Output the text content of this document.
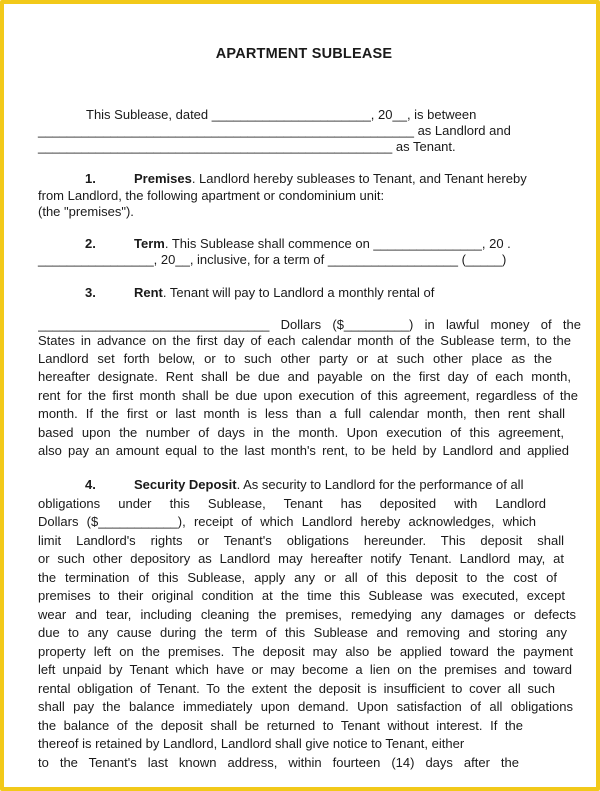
APARTMENT SUBLEASE
This Sublease, dated ______________________, 20__, is between
____________________________________________________ as Landlord and
_________________________________________________ as Tenant.
1.	Premises. Landlord hereby subleases to Tenant, and Tenant hereby
from Landlord, the following apartment or condominium unit:
(the "premises").
2.	Term. This Sublease shall commence on _______________, 20 .
________________, 20__, inclusive, for a term of __________________ (_____)
3.	Rent. Tenant will pay to Landlord a monthly rental of
________________________________ Dollars ($_________) in lawful money of the
States in advance on the first day of each calendar month of the Sublease term, to the
Landlord set forth below, or to such other party or at such other place as the
hereafter designate. Rent shall be due and payable on the first day of each month,
rent for the first month shall be due upon execution of this agreement, regardless of the
month. If the first or last month is less than a full calendar month, then rent shall
based upon the number of days in the month. Upon execution of this agreement,
also pay an amount equal to the last month's rent, to be held by Landlord and applied
4.	Security Deposit. As security to Landlord for the performance of all
obligations under this Sublease, Tenant has deposited with Landlord
Dollars ($___________), receipt of which Landlord hereby acknowledges, which
limit Landlord's rights or Tenant's obligations hereunder. This deposit shall
or such other depository as Landlord may hereafter notify Tenant. Landlord may, at
the termination of this Sublease, apply any or all of this deposit to the cost of
premises to their original condition at the time this Sublease was executed, except
wear and tear, including cleaning the premises, remedying any damages or defects
due to any cause during the term of this Sublease and removing and storing any
property left on the premises. The deposit may also be applied toward the payment
left unpaid by Tenant which have or may become a lien on the premises and toward
rental obligation of Tenant. To the extent the deposit is insufficient to cover all such
shall pay the balance immediately upon demand. Upon satisfaction of all obligations
the balance of the deposit shall be returned to Tenant without interest. If the
thereof is retained by Landlord, Landlord shall give notice to Tenant, either
to the Tenant's last known address, within fourteen (14) days after the
